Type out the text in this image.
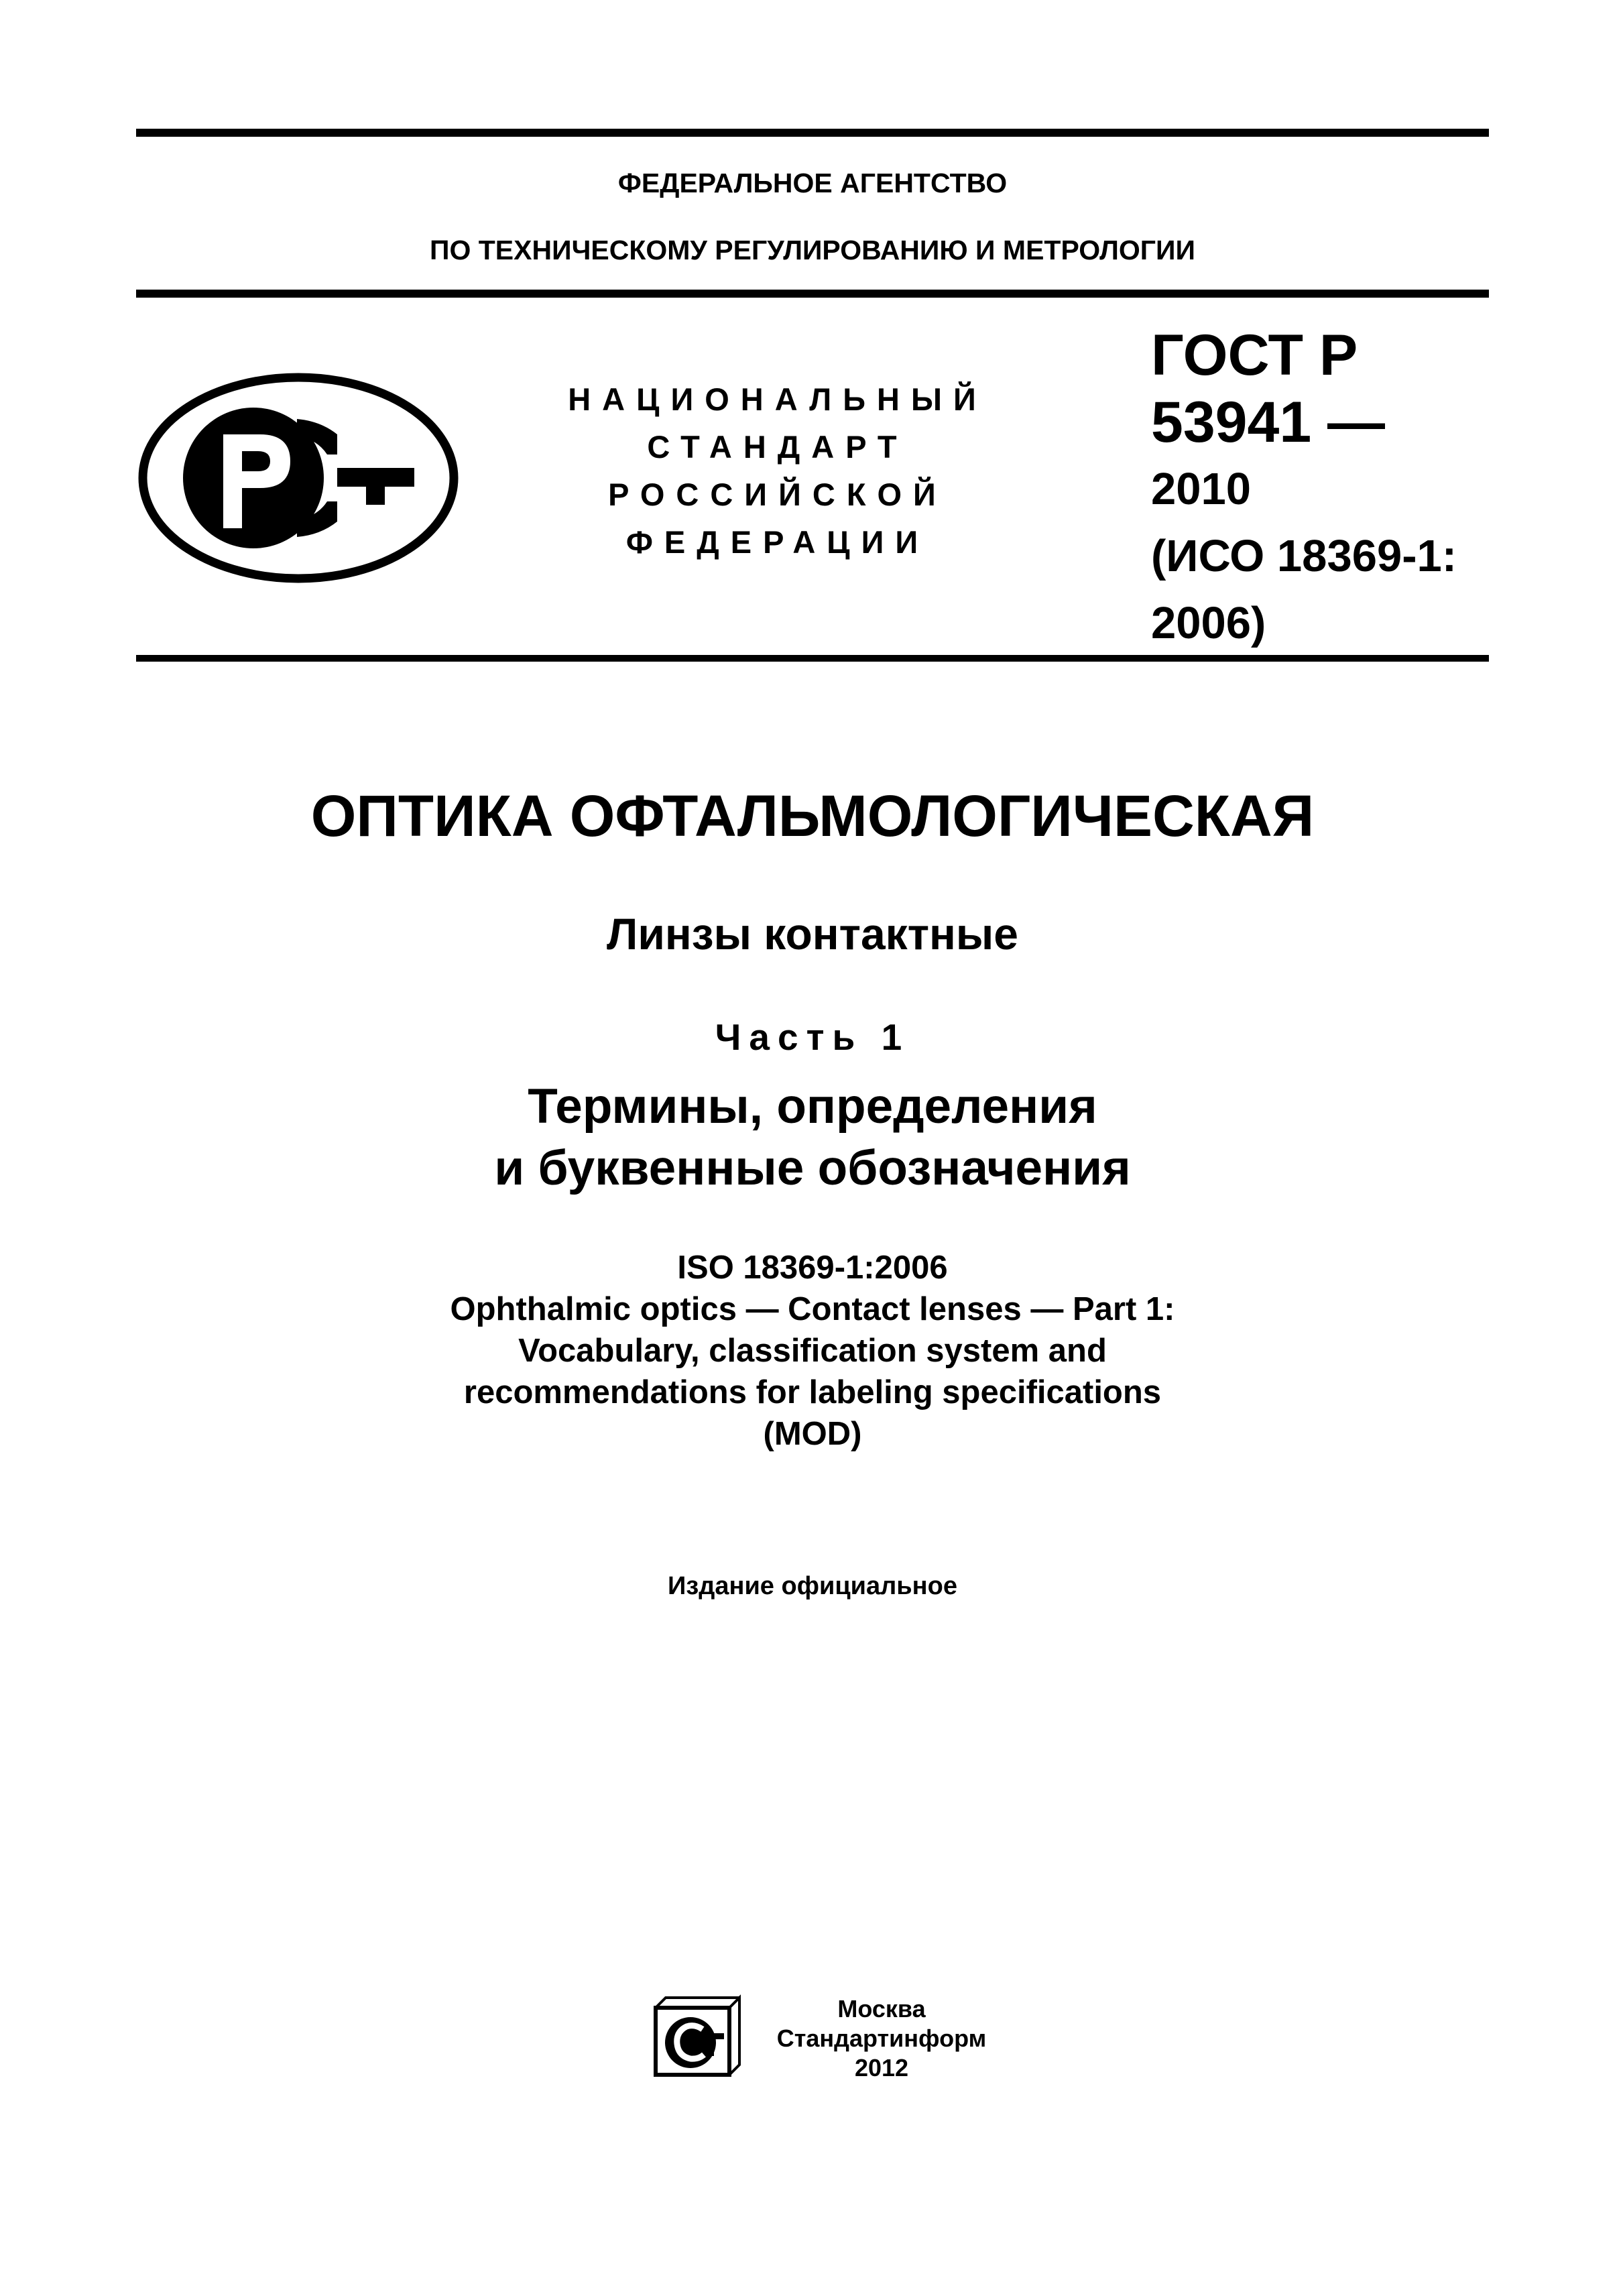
ФЕДЕРАЛЬНОЕ АГЕНТСТВО
ПО ТЕХНИЧЕСКОМУ РЕГУЛИРОВАНИЮ И МЕТРОЛОГИИ
НАЦИОНАЛЬНЫЙ
СТАНДАРТ
РОССИЙСКОЙ
ФЕДЕРАЦИИ
ГОСТ Р
53941 —
2010
(ИСО 18369-1:
2006)
ОПТИКА ОФТАЛЬМОЛОГИЧЕСКАЯ
Линзы контактные
Часть 1
Термины, определения
и буквенные обозначения
ISO 18369-1:2006
Ophthalmic optics — Contact lenses — Part 1:
Vocabulary, classification system and
recommendations for labeling specifications
(MOD)
Издание официальное
Москва
Стандартинформ
2012
